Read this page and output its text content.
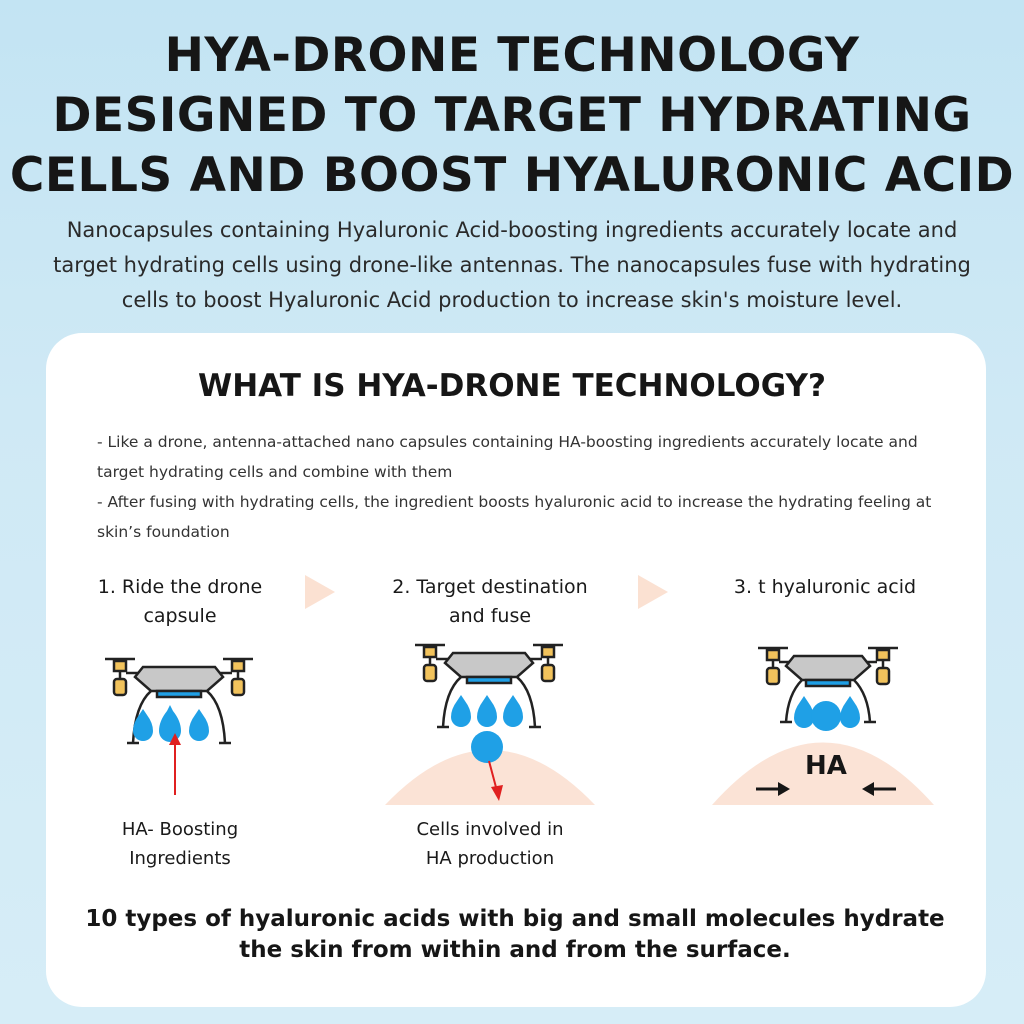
HYA-DRONE TECHNOLOGY
DESIGNED TO TARGET HYDRATING
CELLS AND BOOST HYALURONIC ACID

Nanocapsules containing Hyaluronic Acid-boosting ingredients accurately locate and target hydrating cells using drone-like antennas. The nanocapsules fuse with hydrating cells to boost Hyaluronic Acid production to increase skin's moisture level.

WHAT IS HYA-DRONE TECHNOLOGY?

- Like a drone, antenna-attached nano capsules containing HA-boosting ingredients accurately locate and target hydrating cells and combine with them

- After fusing with hydrating cells, the ingredient boosts hyaluronic acid to increase the hydrating feeling at skin’s foundation

1. Ride the drone
capsule

2. Target destination
and fuse

3. t hyaluronic acid

HA

HA- Boosting
Ingredients

Cells involved in
HA production

10 types of hyaluronic acids with big and small molecules hydrate the skin from within and from the surface.
